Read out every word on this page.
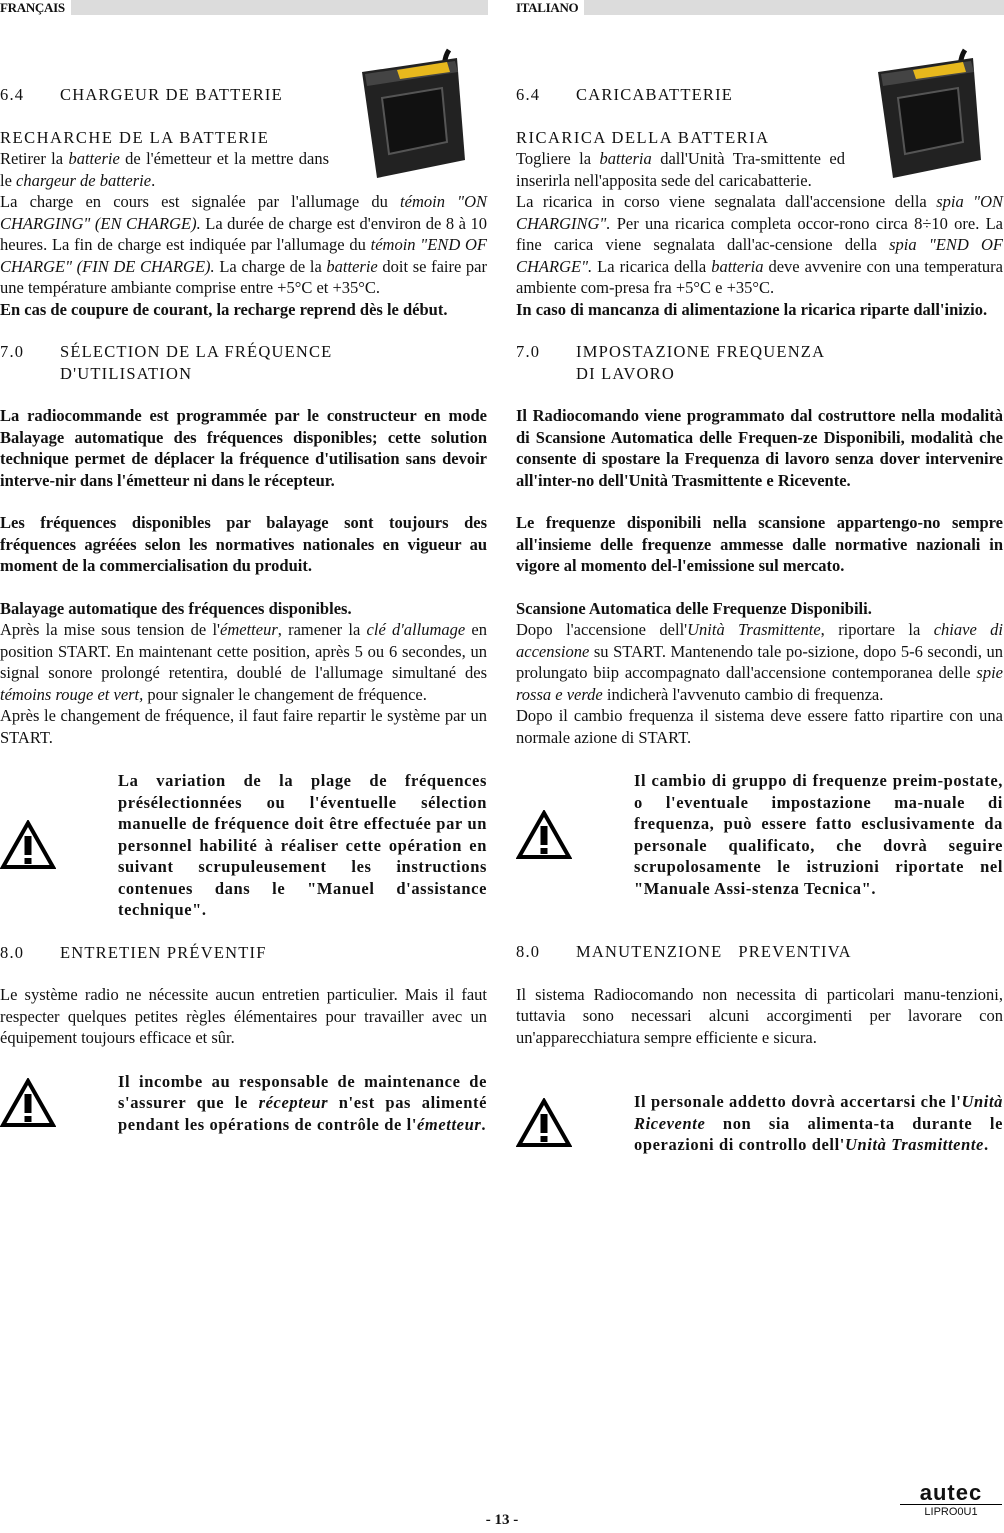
FRANÇAIS	ITALIANO

6.4 CHARGEUR DE BATTERIE

RECHARCHE DE LA BATTERIE

Retirer la batterie de l'émetteur et la mettre dans le chargeur de batterie.

La charge en cours est signalée par l'allumage du témoin "ON CHARGING" (EN CHARGE). La durée de charge est d'environ de 8 à 10 heures. La fin de charge est indiquée par l'allumage du témoin "END OF CHARGE" (FIN DE CHARGE). La charge de la batterie doit se faire par une température ambiante comprise entre +5°C et +35°C.

En cas de coupure de courant, la recharge reprend dès le début.

7.0 SÉLECTION DE LA FRÉQUENCE

D'UTILISATION

La radiocommande est programmée par le constructeur en mode Balayage automatique des fréquences disponibles; cette solution technique permet de déplacer la fréquence d'utilisation sans devoir interve-nir dans l'émetteur ni dans le récepteur.

Les fréquences disponibles par balayage sont toujours des fréquences agréées selon les normatives nationales en vigueur au moment de la commercialisation du produit.

Balayage automatique des fréquences disponibles.

Après la mise sous tension de l'émetteur, ramener la clé d'allumage en position START. En maintenant cette position, après 5 ou 6 secondes, un signal sonore prolongé retentira, doublé de l'allumage simultané des témoins rouge et vert, pour signaler le changement de fréquence.

Après le changement de fréquence, il faut faire repartir le système par un START.

La variation de la plage de fréquences présélectionnées ou l'éventuelle sélection manuelle de fréquence doit être effectuée par un personnel habilité à réaliser cette opération en suivant scrupuleusement les instructions contenues dans le "Manuel d'assistance technique".

8.0 ENTRETIEN PRÉVENTIF

Le système radio ne nécessite aucun entretien particulier. Mais il faut respecter quelques petites règles élémentaires pour travailler avec un équipement toujours efficace et sûr.

Il incombe au responsable de maintenance de s'assurer que le récepteur n'est pas alimenté pendant les opérations de contrôle de l'émetteur.

6.4 CARICABATTERIE

RICARICA DELLA BATTERIA

Togliere la batteria dall'Unità Tra-smittente ed inserirla nell'apposita sede del caricabatterie.

La ricarica in corso viene segnalata dall'accensione della spia "ON CHARGING". Per una ricarica completa occor-rono circa 8÷10 ore. La fine carica viene segnalata dall'ac-censione della spia "END OF CHARGE". La ricarica della batteria deve avvenire con una temperatura ambiente com-presa fra +5°C e +35°C.

In caso di mancanza di alimentazione la ricarica riparte dall'inizio.

7.0 IMPOSTAZIONE FREQUENZA

DI LAVORO

Il Radiocomando viene programmato dal costruttore nella modalità di Scansione Automatica delle Frequen-ze Disponibili, modalità che consente di spostare la Frequenza di lavoro senza dover intervenire all'inter-no dell'Unità Trasmittente e Ricevente.

Le frequenze disponibili nella scansione appartengo-no sempre all'insieme delle frequenze ammesse dalle normative nazionali in vigore al momento del-l'emissione sul mercato.

Scansione Automatica delle Frequenze Disponibili.

Dopo l'accensione dell'Unità Trasmittente, riportare la chiave di accensione su START. Mantenendo tale po-sizione, dopo 5-6 secondi, un prolungato biip accompagnato dall'accensione contemporanea delle spie rossa e verde indicherà l'avvenuto cambio di frequenza.

Dopo il cambio frequenza il sistema deve essere fatto ripartire con una normale azione di START.

Il cambio di gruppo di frequenze preim-postate, o l'eventuale impostazione ma-nuale di frequenza, può essere fatto esclusivamente da personale qualificato, che dovrà seguire scrupolosamente le istruzioni riportate nel "Manuale Assi-stenza Tecnica".

8.0 MANUTENZIONE   PREVENTIVA

Il sistema Radiocomando non necessita di particolari manu-tenzioni, tuttavia sono necessari alcuni accorgimenti per lavorare con un'apparecchiatura sempre efficiente e sicura.

Il personale addetto dovrà accertarsi che l'Unità Ricevente non sia alimenta-ta durante le operazioni di controllo dell'Unità Trasmittente.
- 13 -
autec
LIPRO0U1
